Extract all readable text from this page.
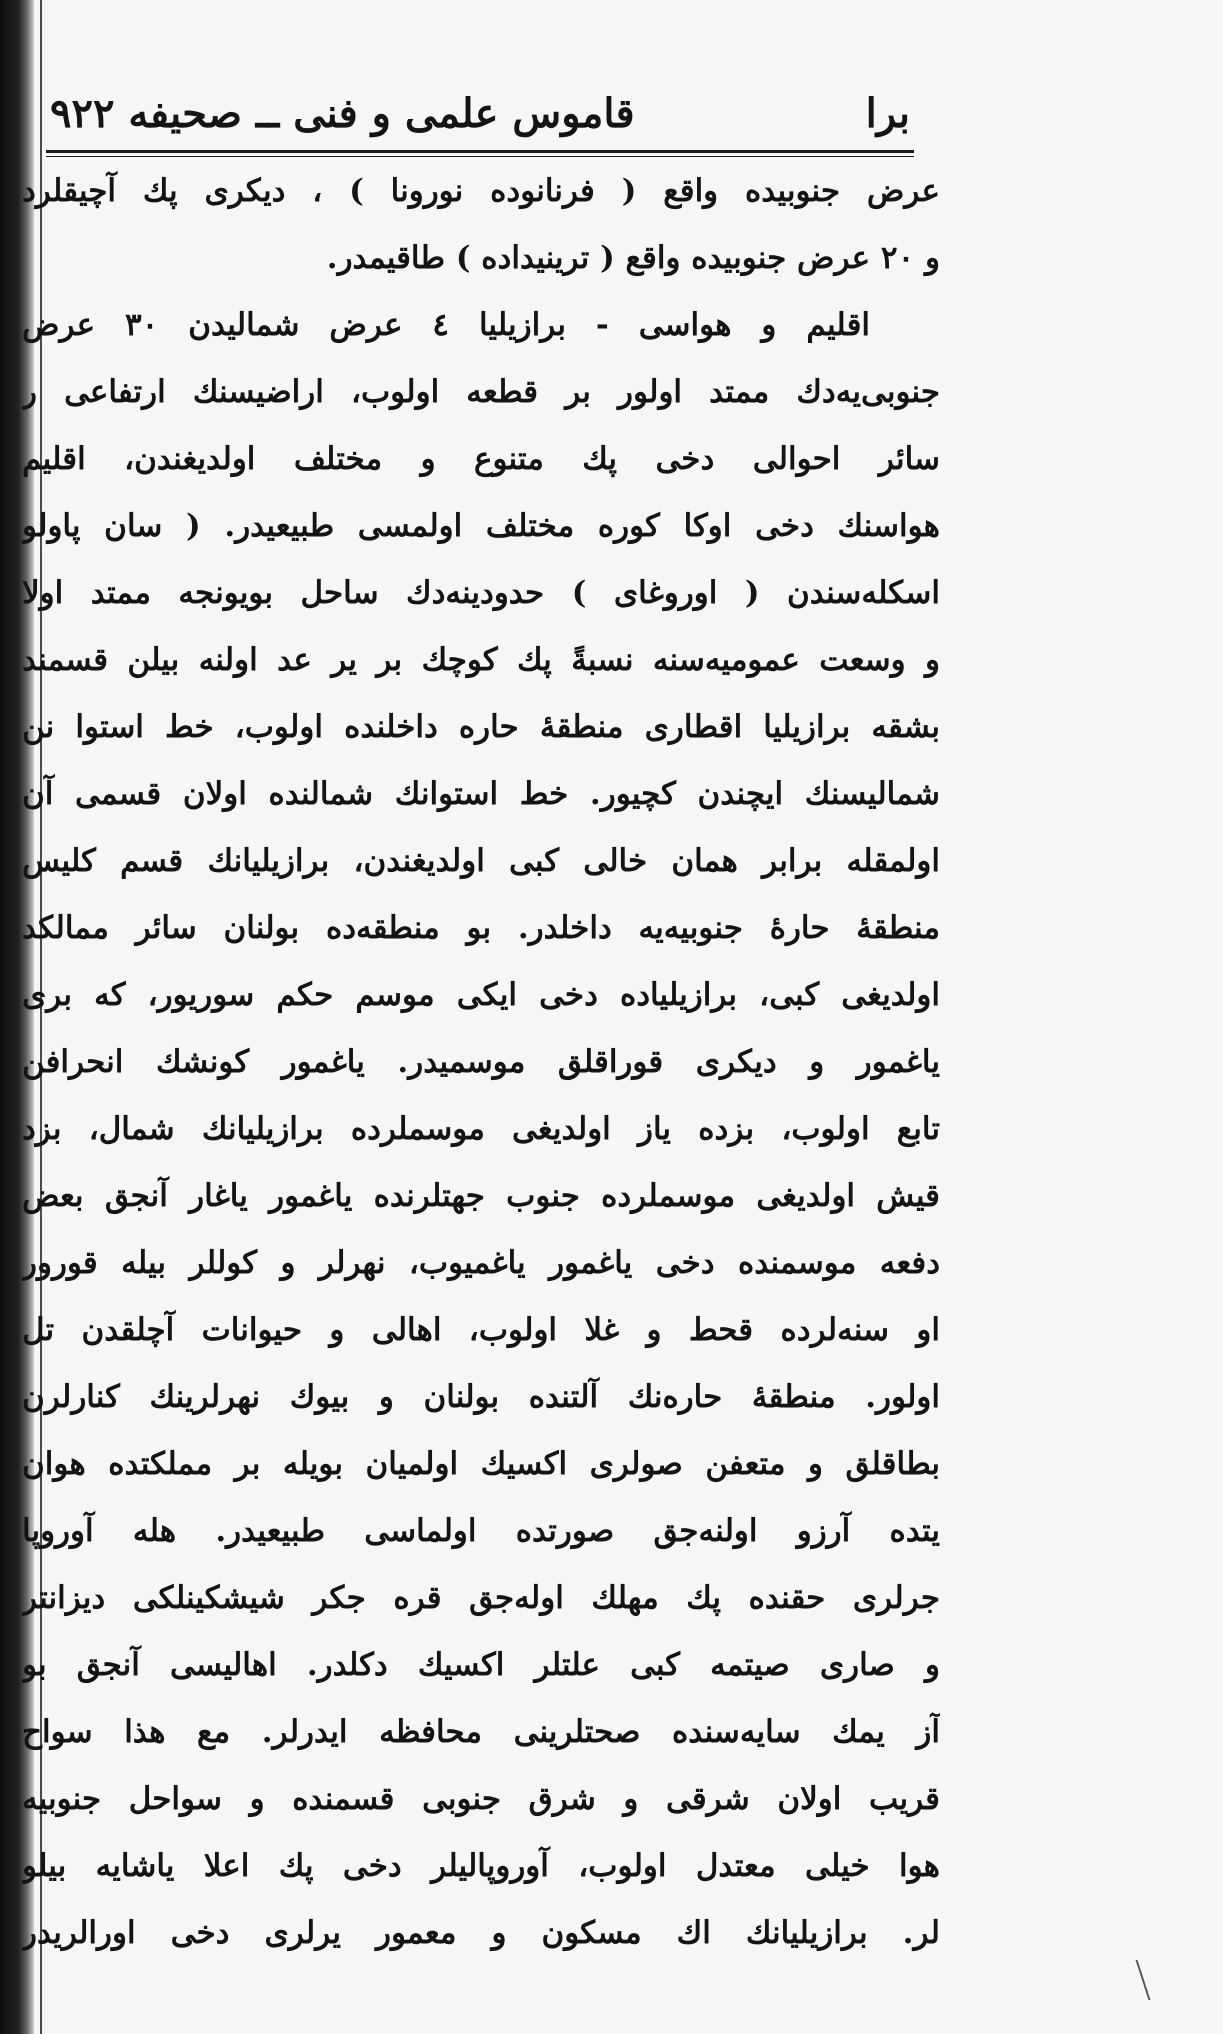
برا
قاموس علمی و فنی ــ صحیفه ۹۲۲
عرض جنوبیده واقع ( فرنانوده نورونا ) ، دیکری پك آچیقلرد
و ۲۰ عرض جنوبیده واقع ( ترینیداده ) طاقیمدر.
اقلیم و هواسی - برازیلیا ٤ عرض شمالیدن ۳۰ عرض
جنوبی‌یه‌دك ممتد اولور بر قطعه اولوب، اراضیسنك ارتفاعی ر
سائر احوالی دخی پك متنوع و مختلف اولدیغندن، اقلیم
هواسنك دخی اوكا كوره مختلف اولمسی طبیعیدر. ( سان پاولو
اسكله‌سندن ( اوروغای ) حدودینه‌دك ساحل بویونجه ممتد اولا
و وسعت عمومیه‌سنه نسبةً پك كوچك بر یر عد اولنه بیلن قسمند
بشقه برازیلیا اقطاری منطقهٔ حاره داخلنده اولوب، خط استوا نن
شمالیسنك ایچندن كچیور. خط استوانك شمالنده اولان قسمی آن
اولمقله برابر همان خالی كبی اولدیغندن، برازیلیانك قسم كلیس
منطقهٔ حارهٔ جنوبیه‌یه داخلدر. بو منطقه‌ده بولنان سائر ممالكد
اولدیغی كبی، برازیلیاده دخی ایكی موسم حكم سوریور، كه بری
یاغمور و دیكری قوراقلق موسمیدر. یاغمور كونشك انحرافن
تابع اولوب، بزده یاز اولدیغی موسملرده برازیلیانك شمال، بزد
قیش اولدیغی موسملرده جنوب جهتلرنده یاغمور یاغار آنجق بعض
دفعه موسمنده دخی یاغمور یاغمیوب، نهرلر و كوللر بیله قورور
او سنه‌لرده قحط و غلا اولوب، اهالی و حیوانات آچلقدن تل
اولور. منطقهٔ حاره‌نك آلتنده بولنان و بیوك نهرلرینك كنارلرن
بطاقلق و متعفن صولری اكسیك اولمیان بویله بر مملكتده هوان
یتده آرزو اولنه‌جق صورتده اولماسی طبیعیدر. هله آوروپا
جرلری حقنده پك مهلك اوله‌جق قره جكر شیشكینلكی دیزانتر
و صاری صیتمه كبی علتلر اكسیك دكلدر. اهالیسی آنجق بو
آز یمك سایه‌سنده صحتلرینی محافظه ایدرلر. مع هذا سواح
قریب اولان شرقی و شرق جنوبی قسمنده و سواحل جنوبیه
هوا خیلی معتدل اولوب، آوروپالیلر دخی پك اعلا یاشایه بیلو
لر. برازیلیانك اك مسكون و معمور یرلری دخی اورالریدر
